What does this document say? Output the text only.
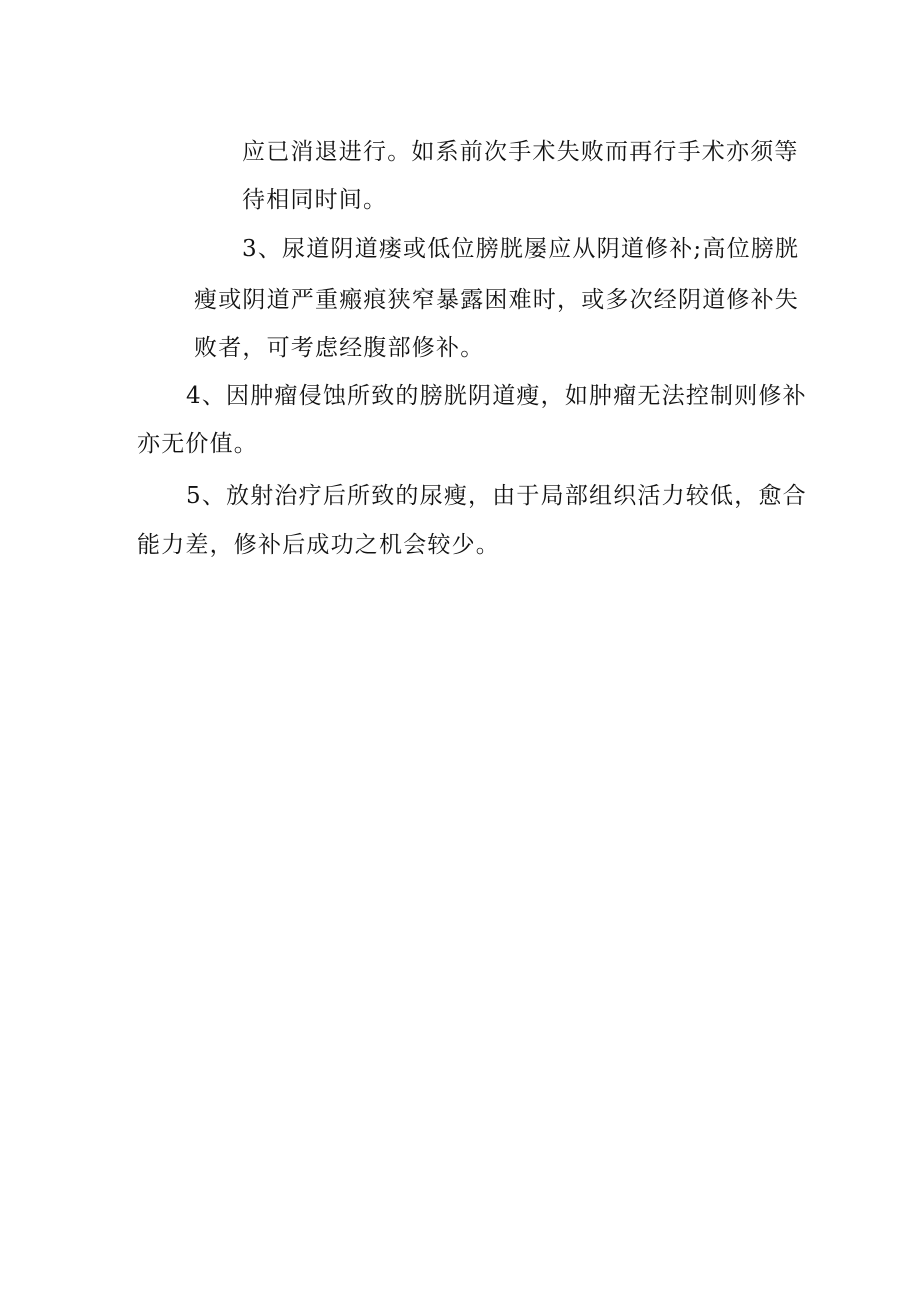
应已消退进行。如系前次手术失败而再行手术亦须等
待相同时间。
3、尿道阴道瘘或低位膀胱屡应从阴道修补;高位膀胱
瘦或阴道严重瘢痕狭窄暴露困难时，或多次经阴道修补失
败者，可考虑经腹部修补。
4、因肿瘤侵蚀所致的膀胱阴道瘦，如肿瘤无法控制则修补
亦无价值。
5、放射治疗后所致的尿瘦，由于局部组织活力较低，愈合
能力差，修补后成功之机会较少。
